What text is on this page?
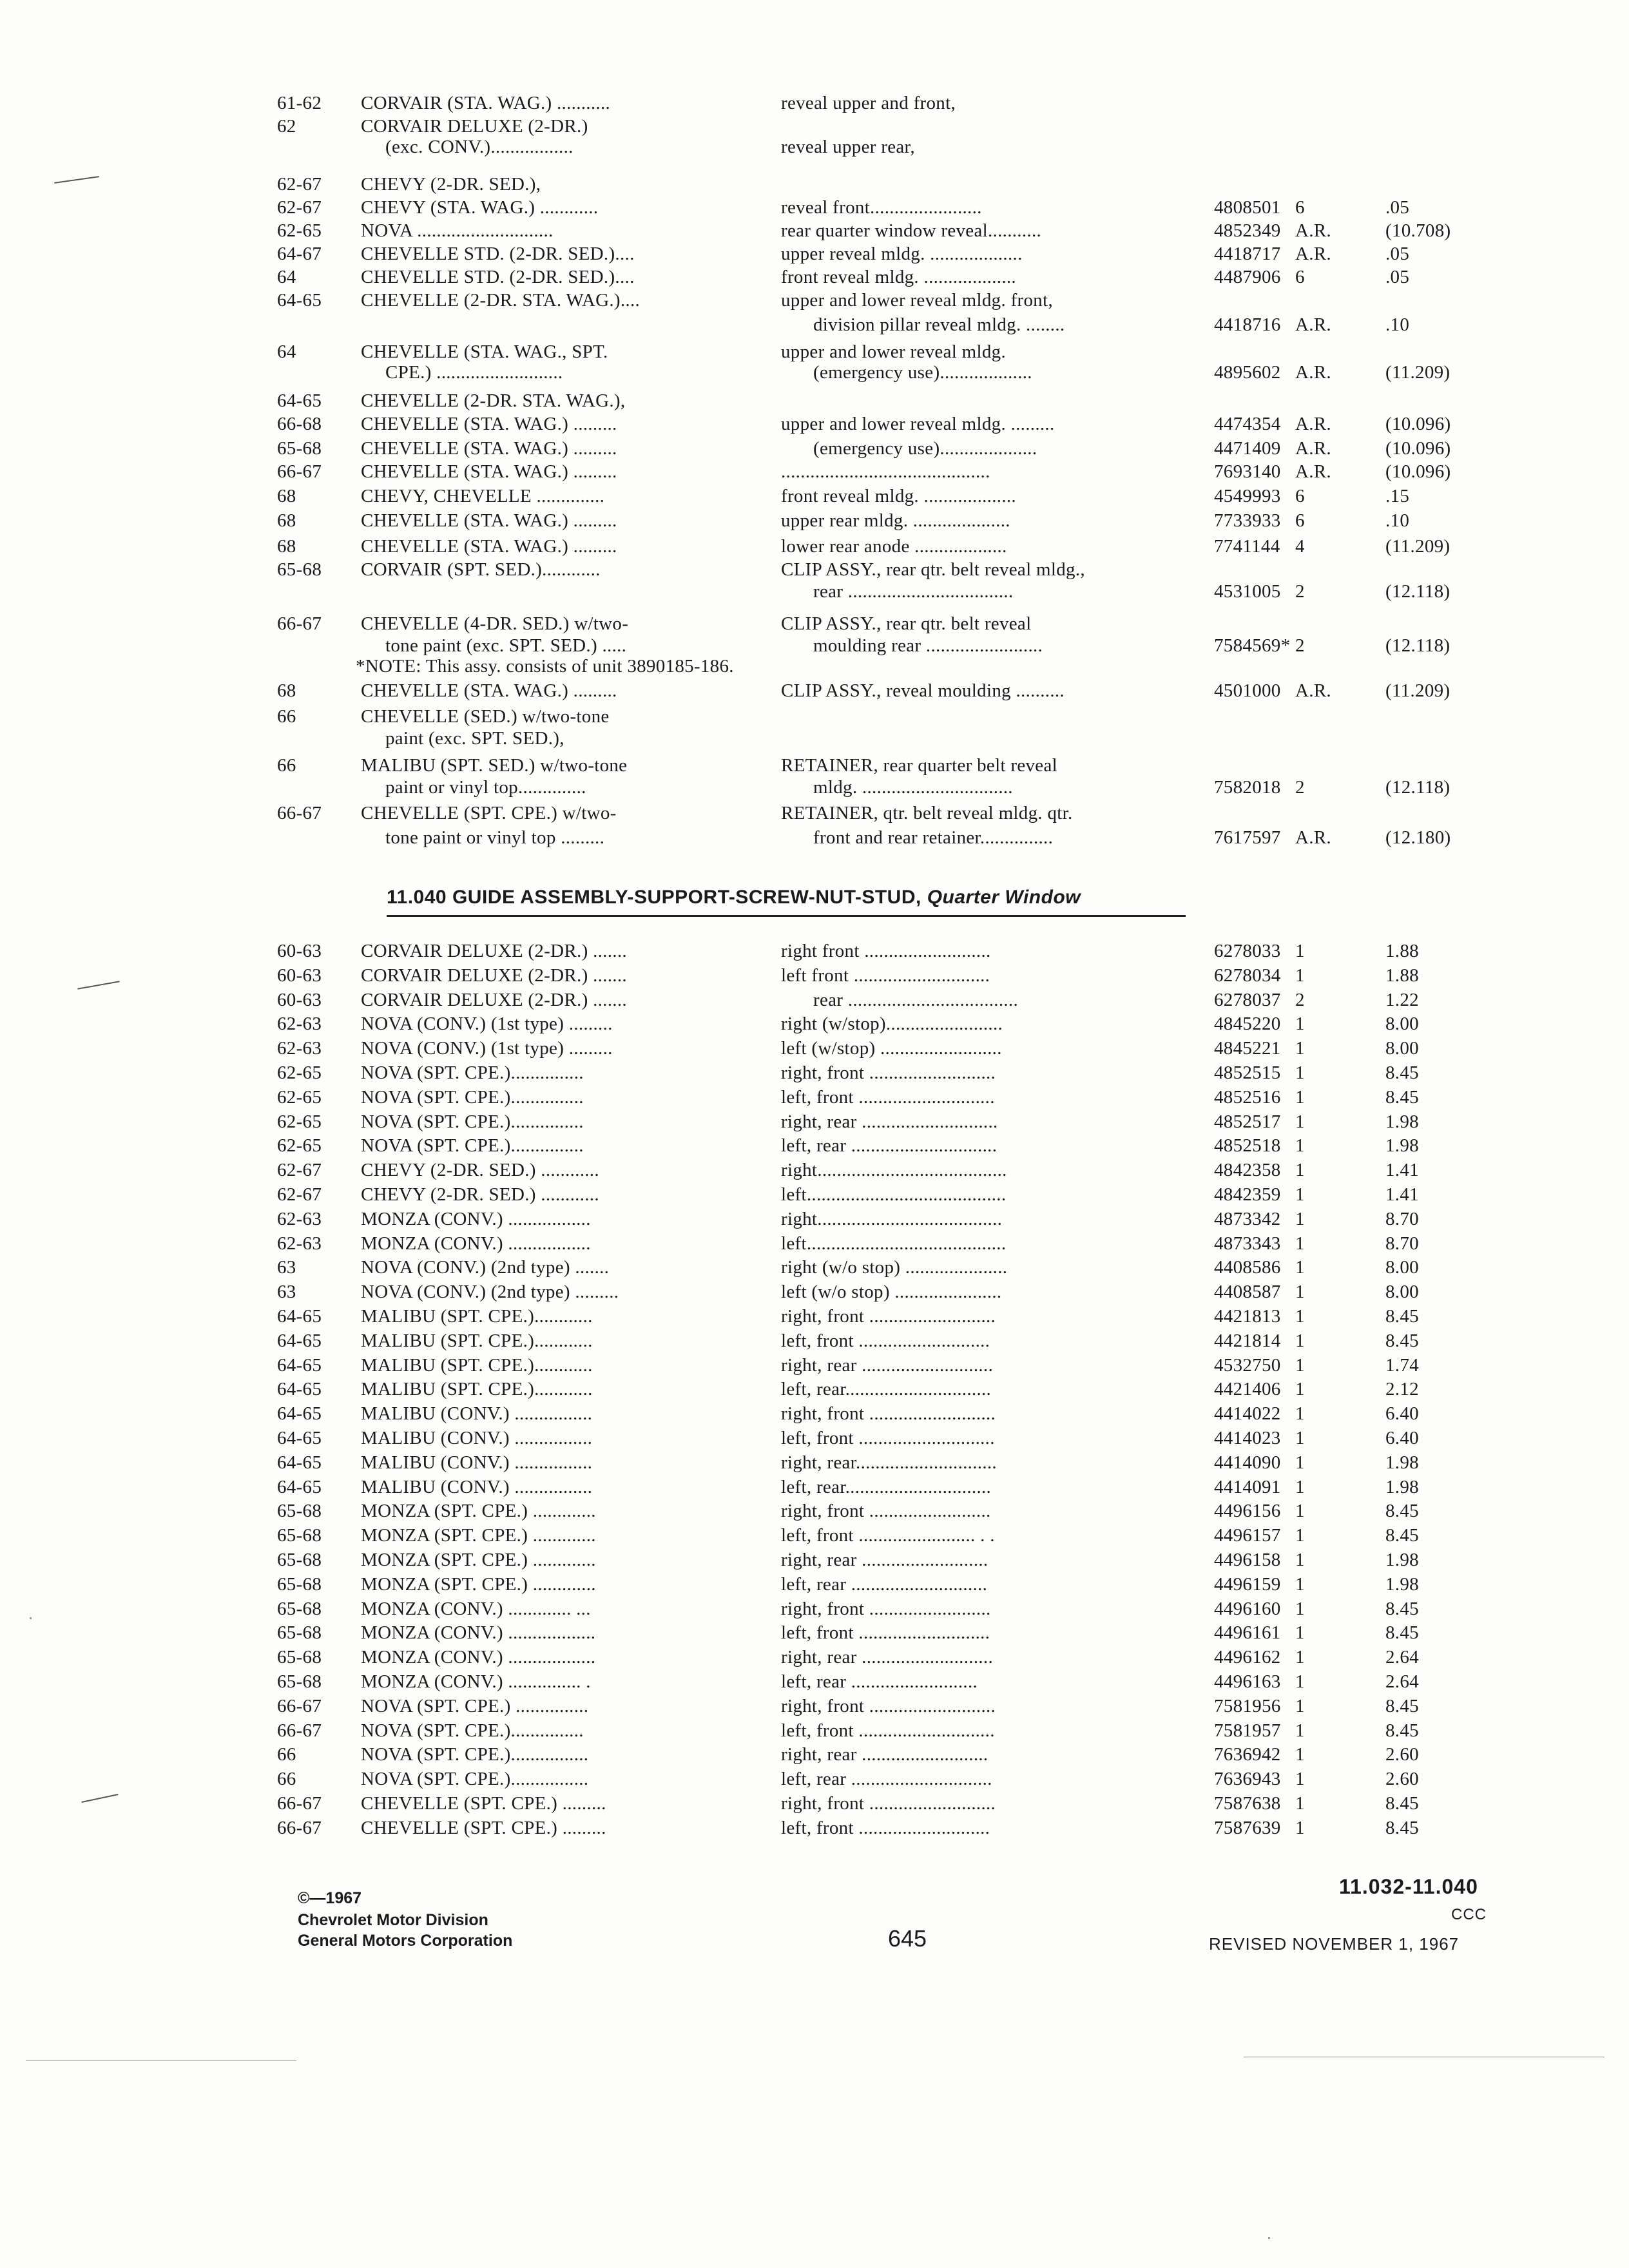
61-62 CORVAIR (STA. WAG.) ...........	reveal upper and front,
62	CORVAIR DELUXE (2-DR.)
(exc. CONV.).................	reveal upper rear,
62-67 CHEVY (2-DR. SED.),
62-67 CHEVY (STA. WAG.) ............	reveal front.......................	4808501 6	.05
62-65 NOVA ............................	rear quarter window reveal...........	4852349 A.R.	(10.708)
64-67 CHEVELLE STD. (2-DR. SED.)....	upper reveal mldg. ...................	4418717 A.R.	.05
64	CHEVELLE STD. (2-DR. SED.)....	front reveal mldg. ...................	4487906 6	.05
64-65 CHEVELLE (2-DR. STA. WAG.)....	upper and lower reveal mldg. front,
division pillar reveal mldg. ........	4418716 A.R.	.10
64	CHEVELLE (STA. WAG., SPT.	upper and lower reveal mldg.
CPE.) ..........................	(emergency use)...................	4895602 A.R.	(11.209)
64-65 CHEVELLE (2-DR. STA. WAG.),
66-68 CHEVELLE (STA. WAG.) .........	upper and lower reveal mldg. .........	4474354 A.R.	(10.096)
65-68 CHEVELLE (STA. WAG.) .........	(emergency use)....................	4471409 A.R.	(10.096)
66-67 CHEVELLE (STA. WAG.) .........	...........................................	7693140 A.R.	(10.096)
68	CHEVY, CHEVELLE ..............	front reveal mldg. ...................	4549993 6	.15
68	CHEVELLE (STA. WAG.) .........	upper rear mldg. ....................	7733933 6	.10
68	CHEVELLE (STA. WAG.) .........	lower rear anode ...................	7741144 4	(11.209)
65-68 CORVAIR (SPT. SED.)............	CLIP ASSY., rear qtr. belt reveal mldg.,
rear ..................................	4531005 2	(12.118)
66-67 CHEVELLE (4-DR. SED.) w/two-	CLIP ASSY., rear qtr. belt reveal
tone paint (exc. SPT. SED.) .....	moulding rear ........................	7584569* 2	(12.118)
*NOTE: This assy. consists of unit 3890185-186.
68	CHEVELLE (STA. WAG.) .........	CLIP ASSY., reveal moulding ..........	4501000 A.R.	(11.209)
66	CHEVELLE (SED.) w/two-tone
paint (exc. SPT. SED.),
66	MALIBU (SPT. SED.) w/two-tone	RETAINER, rear quarter belt reveal
paint or vinyl top..............	mldg. ...............................	7582018 2	(12.118)
66-67 CHEVELLE (SPT. CPE.) w/two-	RETAINER, qtr. belt reveal mldg. qtr.
tone paint or vinyl top .........	front and rear retainer...............	7617597 A.R.	(12.180)
11.040 GUIDE ASSEMBLY-SUPPORT-SCREW-NUT-STUD, Quarter Window
60-63 CORVAIR DELUXE (2-DR.) .......	right front ..........................	6278033 1	1.88
60-63 CORVAIR DELUXE (2-DR.) .......	left front ............................	6278034 1	1.88
60-63 CORVAIR DELUXE (2-DR.) .......	rear ...................................	6278037 2	1.22
62-63 NOVA (CONV.) (1st type) .........	right (w/stop)........................	4845220 1	8.00
62-63 NOVA (CONV.) (1st type) .........	left (w/stop) .........................	4845221 1	8.00
62-65 NOVA (SPT. CPE.)...............	right, front ..........................	4852515 1	8.45
62-65 NOVA (SPT. CPE.)...............	left, front ............................	4852516 1	8.45
62-65 NOVA (SPT. CPE.)...............	right, rear ............................	4852517 1	1.98
62-65 NOVA (SPT. CPE.)...............	left, rear ..............................	4852518 1	1.98
62-67 CHEVY (2-DR. SED.) ............	right.......................................	4842358 1	1.41
62-67 CHEVY (2-DR. SED.) ............	left.........................................	4842359 1	1.41
62-63 MONZA (CONV.) .................	right......................................	4873342 1	8.70
62-63 MONZA (CONV.) .................	left.........................................	4873343 1	8.70
63	NOVA (CONV.) (2nd type) .......	right (w/o stop) .....................	4408586 1	8.00
63	NOVA (CONV.) (2nd type) .........	left (w/o stop) ......................	4408587 1	8.00
64-65 MALIBU (SPT. CPE.)............	right, front ..........................	4421813 1	8.45
64-65 MALIBU (SPT. CPE.)............	left, front ...........................	4421814 1	8.45
64-65 MALIBU (SPT. CPE.)............	right, rear ...........................	4532750 1	1.74
64-65 MALIBU (SPT. CPE.)............	left, rear..............................	4421406 1	2.12
64-65 MALIBU (CONV.) ................	right, front ..........................	4414022 1	6.40
64-65 MALIBU (CONV.) ................	left, front ............................	4414023 1	6.40
64-65 MALIBU (CONV.) ................	right, rear.............................	4414090 1	1.98
64-65 MALIBU (CONV.) ................	left, rear..............................	4414091 1	1.98
65-68 MONZA (SPT. CPE.) .............	right, front .........................	4496156 1	8.45
65-68 MONZA (SPT. CPE.) .............	left, front ........................ . .	4496157 1	8.45
65-68 MONZA (SPT. CPE.) .............	right, rear ..........................	4496158 1	1.98
65-68 MONZA (SPT. CPE.) .............	left, rear ............................	4496159 1	1.98
65-68 MONZA (CONV.) ............. ...	right, front .........................	4496160 1	8.45
65-68 MONZA (CONV.) ..................	left, front ...........................	4496161 1	8.45
65-68 MONZA (CONV.) ..................	right, rear ...........................	4496162 1	2.64
65-68 MONZA (CONV.) ............... .	left, rear ..........................	4496163 1	2.64
66-67 NOVA (SPT. CPE.) ...............	right, front ..........................	7581956 1	8.45
66-67 NOVA (SPT. CPE.)...............	left, front ............................	7581957 1	8.45
66	NOVA (SPT. CPE.)................	right, rear ..........................	7636942 1	2.60
66	NOVA (SPT. CPE.)................	left, rear .............................	7636943 1	2.60
66-67 CHEVELLE (SPT. CPE.) .........	right, front ..........................	7587638 1	8.45
66-67 CHEVELLE (SPT. CPE.) .........	left, front ...........................	7587639 1	8.45
©—1967
Chevrolet Motor Division
General Motors Corporation	645
11.032-11.040
CCC
REVISED NOVEMBER 1, 1967
